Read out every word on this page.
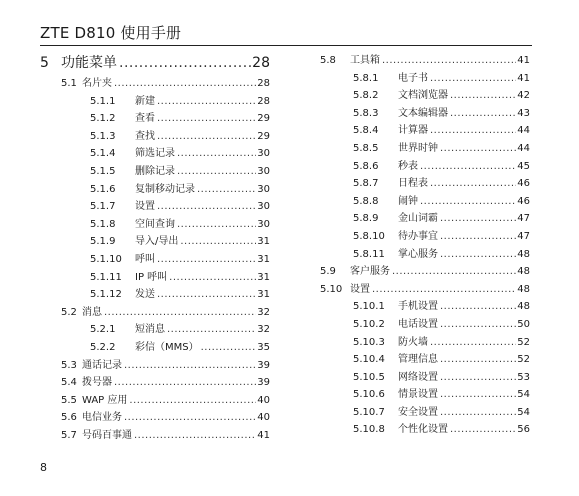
ZTE D810 使用手册
5 功能菜单 .....	28
5.1 名片夹 .....	28
5.1.1	新建 .....	28
5.1.2	查看 .....	29
5.1.3	查找 .....	29
5.1.4	筛选记录 .....	30
5.1.5	删除记录 .....	30
5.1.6	复制移动记录 .....	30
5.1.7	设置 .....	30
5.1.8	空间查询 .....	30
5.1.9	导入/导出 .....	31
5.1.10	呼叫 .....	31
5.1.11	IP 呼叫 .....	31
5.1.12	发送 .....	31
5.2 消息 .....	32
5.2.1	短消息 .....	32
5.2.2	彩信（MMS） .....	35
5.3 通话记录 .....	39
5.4 拨号器 .....	39
5.5 WAP 应用 .....	40
5.6 电信业务 .....	40
5.7 号码百事通 .....	41
5.8	工具箱 .....	41
5.8.1	电子书 .....	41
5.8.2	文档浏览器 .....	42
5.8.3	文本编辑器 .....	43
5.8.4	计算器 .....	44
5.8.5	世界时钟 .....	44
5.8.6	秒表 .....	45
5.8.7	日程表 .....	46
5.8.8	闹钟 .....	46
5.8.9	金山词霸 .....	47
5.8.10	待办事宜 .....	47
5.8.11	掌心服务 .....	48
5.9	客户服务 .....	48
5.10 设置 .....	48
5.10.1	手机设置 .....	48
5.10.2	电话设置 .....	50
5.10.3	防火墙 .....	52
5.10.4	管理信息 .....	52
5.10.5	网络设置 .....	53
5.10.6	情景设置 .....	54
5.10.7	安全设置 .....	54
5.10.8	个性化设置 .....	56
8
